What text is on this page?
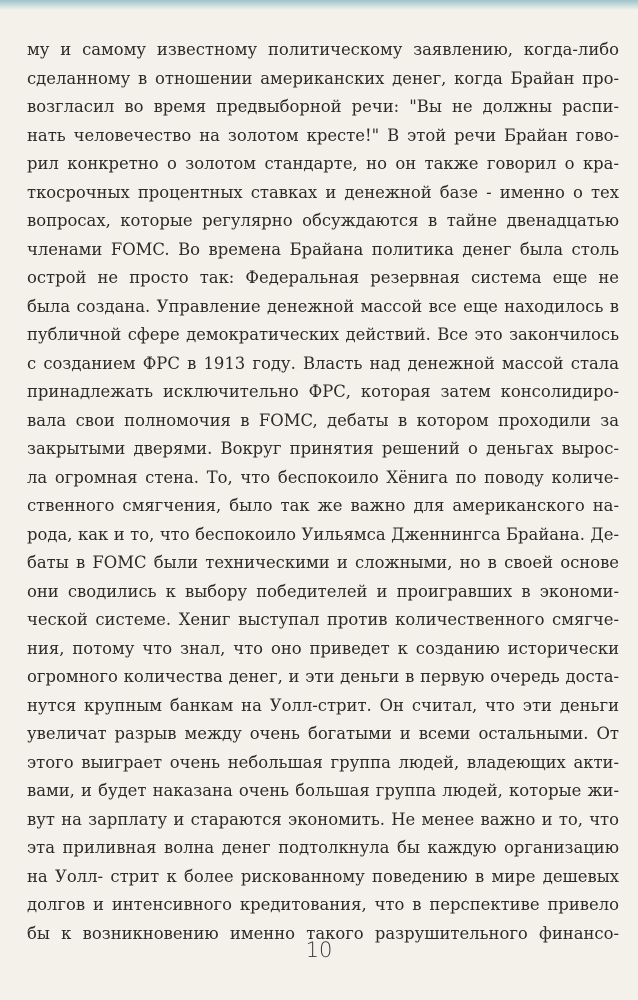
му и самому известному политическому заявлению, когда-либо
сделанному в отношении американских денег, когда Брайан про-
возгласил во время предвыборной речи: "Вы не должны распи-
нать человечество на золотом кресте!" В этой речи Брайан гово-
рил конкретно о золотом стандарте, но он также говорил о кра-
ткосрочных процентных ставках и денежной базе - именно о тех
вопросах, которые регулярно обсуждаются в тайне двенадцатью
членами FOMC. Во времена Брайана политика денег была столь
острой не просто так: Федеральная резервная система еще не
была создана. Управление денежной массой все еще находилось в
публичной сфере демократических действий. Все это закончилось
с созданием ФРС в 1913 году. Власть над денежной массой стала
принадлежать исключительно ФРС, которая затем консолидиро-
вала свои полномочия в FOMC, дебаты в котором проходили за
закрытыми дверями. Вокруг принятия решений о деньгах вырос-
ла огромная стена. То, что беспокоило Хёнига по поводу количе-
ственного смягчения, было так же важно для американского на-
рода, как и то, что беспокоило Уильямса Дженнингса Брайана. Де-
баты в FOMC были техническими и сложными, но в своей основе
они сводились к выбору победителей и проигравших в экономи-
ческой системе. Хениг выступал против количественного смягче-
ния, потому что знал, что оно приведет к созданию исторически
огромного количества денег, и эти деньги в первую очередь доста-
нутся крупным банкам на Уолл-стрит. Он считал, что эти деньги
увеличат разрыв между очень богатыми и всеми остальными. От
этого выиграет очень небольшая группа людей, владеющих акти-
вами, и будет наказана очень большая группа людей, которые жи-
вут на зарплату и стараются экономить. Не менее важно и то, что
эта приливная волна денег подтолкнула бы каждую организацию
на Уолл- стрит к более рискованному поведению в мире дешевых
долгов и интенсивного кредитования, что в перспективе привело
бы к возникновению именно такого разрушительного финансо-
10
